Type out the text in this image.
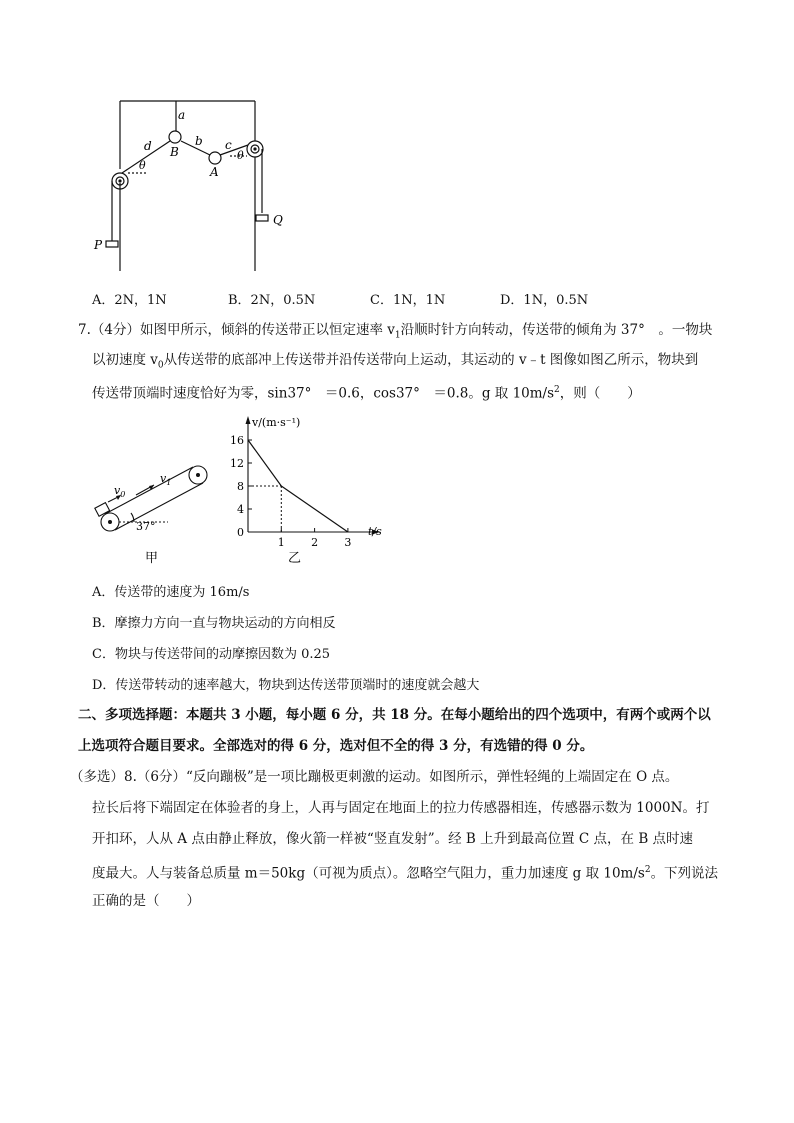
a
d
θ
B
b
A
c
θ
P
Q
A．2N，1N	B．2N，0.5N	C．1N，1N	D．1N，0.5N
7.（4分）如图甲所示，倾斜的传送带正以恒定速率 $v_1$沿顺时针方向转动，传送带的倾角为 37°　。一物块
以初速度 $v_0$从传送带的底部冲上传送带并沿传送带向上运动，其运动的 v﹣t 图像如图乙所示，物块到
传送带顶端时速度恰好为零，sin37°　＝0.6，cos37°　＝0.8。g 取 $10m/s^2$，则（　　）
$v_0$
$v_1$
37°
甲
v/(m·s⁻¹)
t/s
乙
0
4
8
12
16
1 2 3
A．传送带的速度为 16m/s
B．摩擦力方向一直与物块运动的方向相反
C．物块与传送带间的动摩擦因数为 0.25
D．传送带转动的速率越大，物块到达传送带顶端时的速度就会越大
二、多项选择题：本题共 3 小题，每小题 6 分，共 18 分。在每小题给出的四个选项中，有两个或两个以
上选项符合题目要求。全部选对的得 6 分，选对但不全的得 3 分，有选错的得 0 分。
（多选）8.（6分）“反向蹦极”是一项比蹦极更刺激的运动。如图所示，弹性轻绳的上端固定在 O 点。
拉长后将下端固定在体验者的身上，人再与固定在地面上的拉力传感器相连，传感器示数为 1000N。打
开扣环，人从 A 点由静止释放，像火箭一样被“竖直发射”。经 B 上升到最高位置 C 点，在 B 点时速
度最大。人与装备总质量 m＝50kg（可视为质点）。忽略空气阻力，重力加速度 g 取 $10m/s^2$。下列说法
正确的是（　　）
